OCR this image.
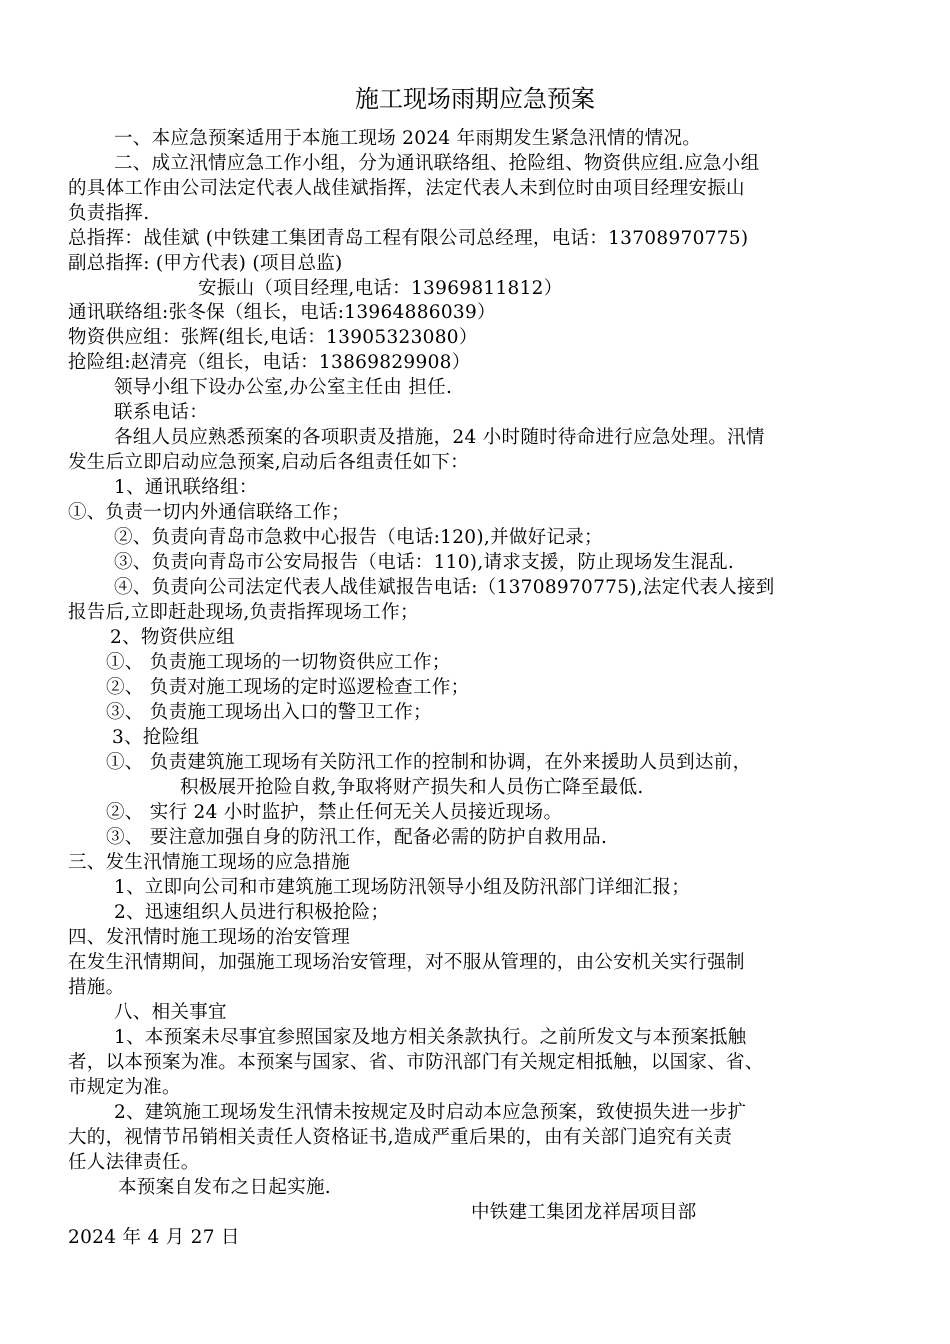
施工现场雨期应急预案
一、本应急预案适用于本施工现场 2024 年雨期发生紧急汛情的情况。
二、成立汛情应急工作小组，分为通讯联络组、抢险组、物资供应组.应急小组
的具体工作由公司法定代表人战佳斌指挥，法定代表人未到位时由项目经理安振山
负责指挥.
总指挥：战佳斌 (中铁建工集团青岛工程有限公司总经理，电话：13708970775)
副总指挥: (甲方代表) (项目总监)
安振山（项目经理,电话：13969811812）
通讯联络组:张冬保（组长，电话:13964886039）
物资供应组：张辉(组长,电话：13905323080）
抢险组:赵清亮（组长，电话：13869829908）
领导小组下设办公室,办公室主任由 担任.
联系电话：
各组人员应熟悉预案的各项职责及措施，24 小时随时待命进行应急处理。汛情
发生后立即启动应急预案,启动后各组责任如下：
1、通讯联络组：
①、负责一切内外通信联络工作；
②、负责向青岛市急救中心报告（电话:120),并做好记录；
③、负责向青岛市公安局报告（电话：110),请求支援，防止现场发生混乱.
④、负责向公司法定代表人战佳斌报告电话:（13708970775),法定代表人接到
报告后,立即赶赴现场,负责指挥现场工作；
2、物资供应组
①、 负责施工现场的一切物资供应工作；
②、 负责对施工现场的定时巡逻检查工作；
③、 负责施工现场出入口的警卫工作；
3、抢险组
①、 负责建筑施工现场有关防汛工作的控制和协调，在外来援助人员到达前，
积极展开抢险自救,争取将财产损失和人员伤亡降至最低.
②、 实行 24 小时监护，禁止任何无关人员接近现场。
③、 要注意加强自身的防汛工作，配备必需的防护自救用品.
三、发生汛情施工现场的应急措施
1、立即向公司和市建筑施工现场防汛领导小组及防汛部门详细汇报；
2、迅速组织人员进行积极抢险；
四、发汛情时施工现场的治安管理
在发生汛情期间，加强施工现场治安管理，对不服从管理的，由公安机关实行强制
措施。
八、相关事宜
1、本预案未尽事宜参照国家及地方相关条款执行。之前所发文与本预案抵触
者，以本预案为准。本预案与国家、省、市防汛部门有关规定相抵触，以国家、省、
市规定为准。
2、建筑施工现场发生汛情未按规定及时启动本应急预案，致使损失进一步扩
大的，视情节吊销相关责任人资格证书,造成严重后果的，由有关部门追究有关责
任人法律责任。
本预案自发布之日起实施.
中铁建工集团龙祥居项目部
2024 年 4 月 27 日
